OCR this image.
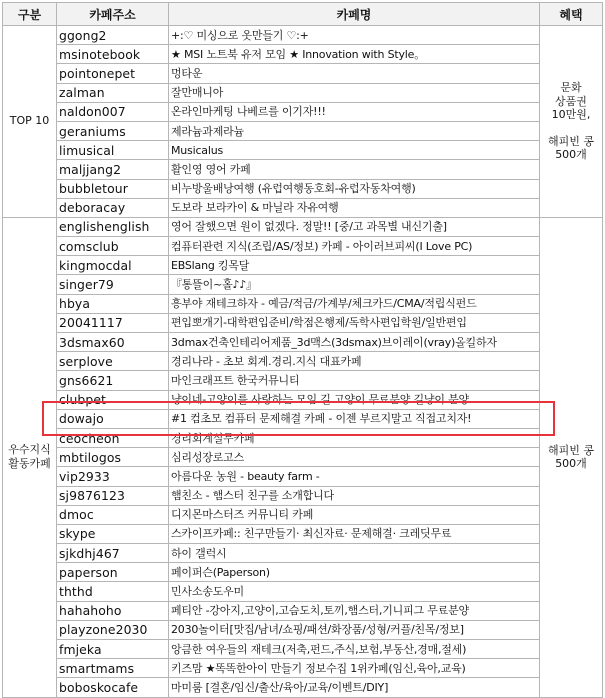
구분	카페주소	카페명	혜택
TOP 10	ggong2	+:♡ 미싱으로 옷만들기 ♡:+	문화
상품권
10만원,
해피빈 콩
500개

	msinotebook	★ MSI 노트북 유저 모임 ★ Innovation with Style。	
	pointonepet	멍타운	
	zalman	잘만매니아	
	naldon007	온라인마케팅 나베르를 이기자!!!	
	geraniums	제라늄과제라늄	
	limusical	Musicalus	
	maljjang2	활인영 영어 카페	
	bubbletour	비누방울배낭여행 (유럽여행동호회-유럽자동차여행)	
	deboracay	도보라 보라카이 & 마닐라 자유여행	

우수지식
활동카페	englishenglish	영어 잘했으면 원이 없겠다. 정말!! [중/고 과목별 내신기출]	해피빈 콩
500개

	comsclub	컴퓨터관련 지식(조립/AS/정보) 카페 - 아이러브피씨(I Love PC)	
	kingmocdal	EBSlang 킹목달	
	singer79	『통뜰이~홀♪♪』	
	hbya	흥부야 재테크하자 - 예금/적금/가계부/체크카드/CMA/적립식펀드	
	20041117	편입뽀개기-대학편입준비/학점은행제/독학사편입학원/일반편입	
	3dsmax60	3dmax건축인테리어제품_3d맥스(3dsmax)브이레이(vray)올킬하자	
	serplove	경리나라 - 초보 회계.경리.지식 대표카페	
	gns6621	마인크래프트 한국커뮤니티	
	clubpet	냥이네-고양이를 사랑하는 모임 길 고양이 무료분양 길냥이 분양	
	dowajo	#1 컴초모 컴퓨터 문제해결 카페 - 이젠 부르지말고 직접고치자!	
	ceocheon	경리회계실무카페	
	mbtilogos	심리성장로고스	
	vip2933	아름다운 농원 - beauty farm -	
	sj9876123	햄친소 - 햄스터 친구를 소개합니다	
	dmoc	디지몬마스터즈 커뮤니티 카페	
	skype	스카이프카페:: 친구만들기· 최신자료· 문제해결· 크레딧무료	
	sjkdhj467	하이 갤럭시	
	paperson	페이퍼슨(Paperson)	
	ththd	민사소송도우미	
	hahahoho	페티안 -강아지,고양이,고슴도치,토끼,햄스터,기니피그 무료분양	
	playzone2030	2030놀이터[맛집/남녀/쇼핑/패션/화장품/성형/커플/친목/정보]	
	fmjeka	앙큼한 여우들의 재테크(저축,펀드,주식,보험,부동산,경매,절세)	
	smartmams	키즈맘 ★똑똑한아이 만들기 정보수집 1위카페(임신,육아,교육)	
	boboskocafe	마미룸 [결혼/임신/출산/육아/교육/이벤트/DIY]	
